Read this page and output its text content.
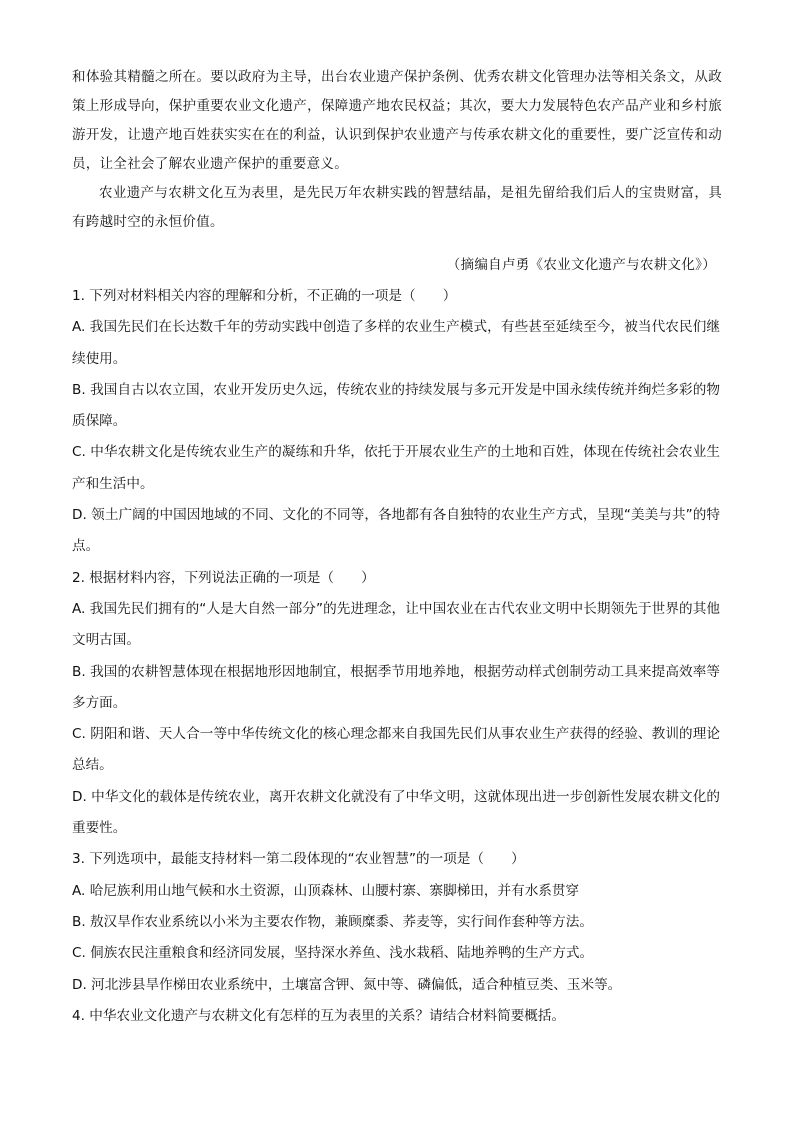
和体验其精髓之所在。要以政府为主导，出台农业遗产保护条例、优秀农耕文化管理办法等相关条文，从政策上形成导向，保护重要农业文化遗产，保障遗产地农民权益；其次，要大力发展特色农产品产业和乡村旅游开发，让遗产地百姓获实实在在的利益，认识到保护农业遗产与传承农耕文化的重要性，要广泛宣传和动员，让全社会了解农业遗产保护的重要意义。

农业遗产与农耕文化互为表里，是先民万年农耕实践的智慧结晶，是祖先留给我们后人的宝贵财富，具有跨越时空的永恒价值。

（摘编自卢勇《农业文化遗产与农耕文化》）

1. 下列对材料相关内容的理解和分析，不正确的一项是（　　）

A. 我国先民们在长达数千年的劳动实践中创造了多样的农业生产模式，有些甚至延续至今，被当代农民们继续使用。

B. 我国自古以农立国，农业开发历史久远，传统农业的持续发展与多元开发是中国永续传统并绚烂多彩的物质保障。

C. 中华农耕文化是传统农业生产的凝练和升华，依托于开展农业生产的土地和百姓，体现在传统社会农业生产和生活中。

D. 领土广阔的中国因地域的不同、文化的不同等，各地都有各自独特的农业生产方式，呈现“美美与共”的特点。

2. 根据材料内容，下列说法正确的一项是（　　）

A. 我国先民们拥有的“人是大自然一部分”的先进理念，让中国农业在古代农业文明中长期领先于世界的其他文明古国。

B. 我国的农耕智慧体现在根据地形因地制宜，根据季节用地养地，根据劳动样式创制劳动工具来提高效率等多方面。

C. 阴阳和谐、天人合一等中华传统文化的核心理念都来自我国先民们从事农业生产获得的经验、教训的理论总结。

D. 中华文化的载体是传统农业，离开农耕文化就没有了中华文明，这就体现出进一步创新性发展农耕文化的重要性。

3. 下列选项中，最能支持材料一第二段体现的“农业智慧”的一项是（　　）

A. 哈尼族利用山地气候和水土资源，山顶森林、山腰村寨、寨脚梯田，并有水系贯穿

B. 敖汉旱作农业系统以小米为主要农作物，兼顾糜黍、荞麦等，实行间作套种等方法。

C. 侗族农民注重粮食和经济同发展，坚持深水养鱼、浅水栽稻、陆地养鸭的生产方式。

D. 河北涉县旱作梯田农业系统中，土壤富含钾、氮中等、磷偏低，适合种植豆类、玉米等。

4. 中华农业文化遗产与农耕文化有怎样的互为表里的关系？请结合材料简要概括。
